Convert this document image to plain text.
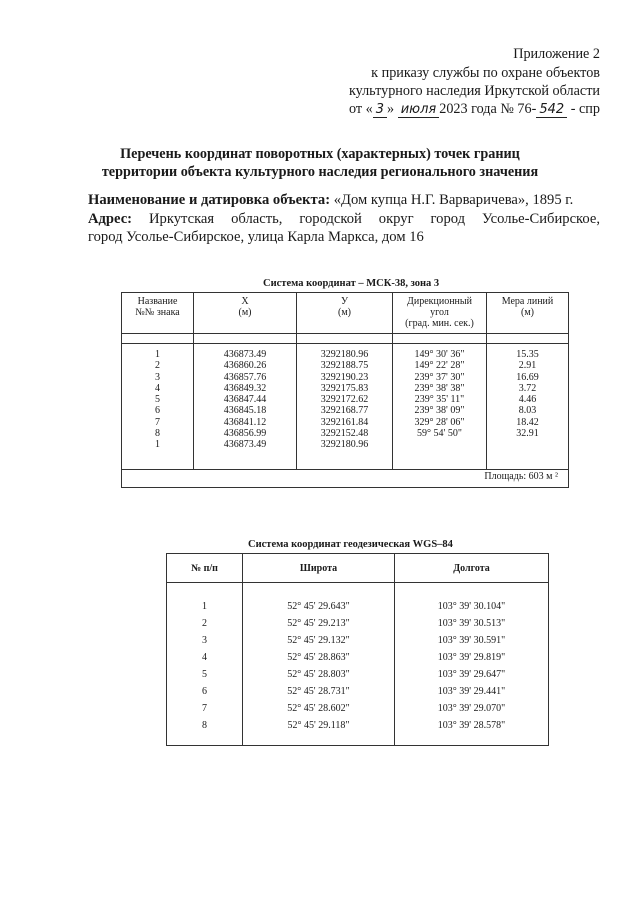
Приложение 2
к приказу службы по охране объектов
культурного наследия Иркутской области
от « 3 » июля 2023 года № 76- 542 - спр
Перечень координат поворотных (характерных) точек границ
территории объекта культурного наследия регионального значения
Наименование и датировка объекта: «Дом купца Н.Г. Варваричева», 1895 г.
Адрес: Иркутская область, городской округ город Усолье-Сибирское,
город Усолье-Сибирское, улица Карла Маркса, дом 16
Система координат – МСК-38, зона 3
Название
№№ знака
X
(м)
У
(м)
Дирекционный
угол
(град. мин. сек.)
Мера линий
(м)
1
2
3
4
5
6
7
8
1
436873.49
436860.26
436857.76
436849.32
436847.44
436845.18
436841.12
436856.99
436873.49
3292180.96
3292188.75
3292190.23
3292175.83
3292172.62
3292168.77
3292161.84
3292152.48
3292180.96
149° 30' 36"
149° 22' 28"
239° 37' 30"
239° 38' 38"
239° 35' 11"
239° 38' 09"
329° 28' 06"
59° 54' 50"
15.35
2.91
16.69
3.72
4.46
8.03
18.42
32.91
Площадь: 603 м ²
Система координат геодезическая WGS–84
№ п/п	Широта	Долгота
1
2
3
4
5
6
7
8
52° 45' 29.643"
52° 45' 29.213"
52° 45' 29.132"
52° 45' 28.863"
52° 45' 28.803"
52° 45' 28.731"
52° 45' 28.602"
52° 45' 29.118"
103° 39' 30.104"
103° 39' 30.513"
103° 39' 30.591"
103° 39' 29.819"
103° 39' 29.647"
103° 39' 29.441"
103° 39' 29.070"
103° 39' 28.578"
